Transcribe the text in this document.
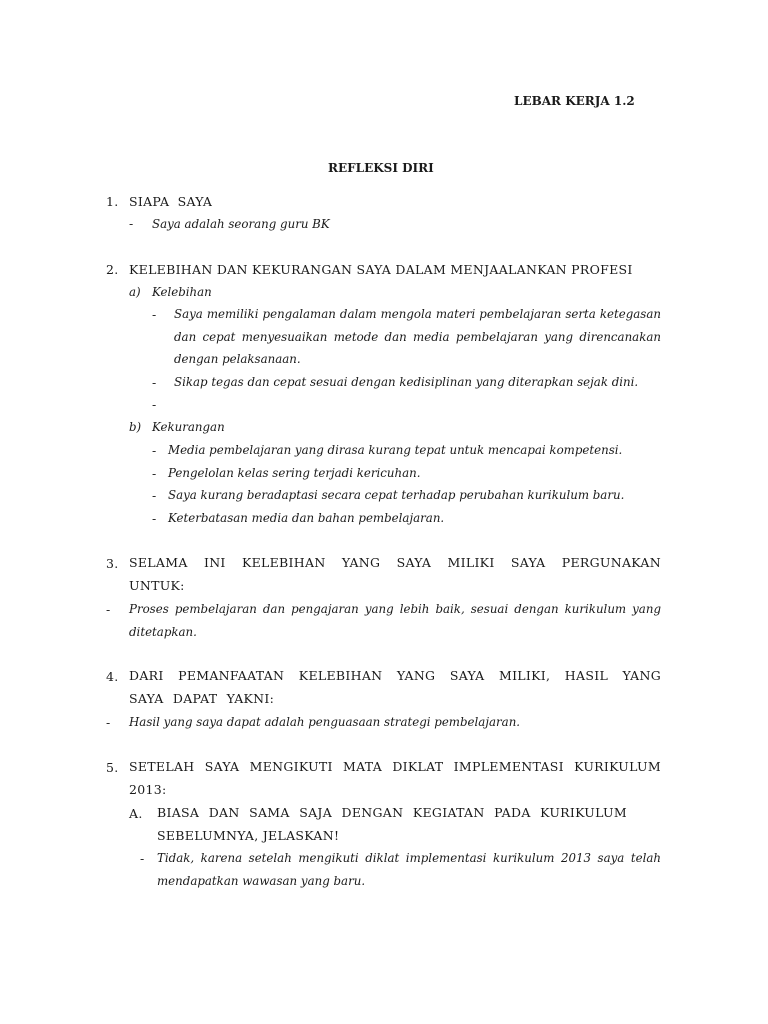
LEBAR KERJA 1.2
REFLEKSI DIRI
1. SIAPA SAYA
- Saya adalah seorang guru BK
2. KELEBIHAN DAN KEKURANGAN SAYA DALAM MENJAALANKAN PROFESI
a) Kelebihan
- Saya memiliki pengalaman dalam mengola materi pembelajaran serta ketegasan dan cepat menyesuaikan metode dan media pembelajaran yang direncanakan dengan pelaksanaan.
- Sikap tegas dan cepat sesuai dengan kedisiplinan yang diterapkan sejak dini.
-
b) Kekurangan
- Media pembelajaran yang dirasa kurang tepat untuk mencapai kompetensi.
- Pengelolan kelas sering terjadi kericuhan.
- Saya kurang beradaptasi secara cepat terhadap perubahan kurikulum baru.
- Keterbatasan media dan bahan pembelajaran.
3. SELAMA INI KELEBIHAN YANG SAYA MILIKI SAYA PERGUNAKAN UNTUK:
- Proses pembelajaran dan pengajaran yang lebih baik, sesuai dengan kurikulum yang ditetapkan.
4. DARI PEMANFAATAN KELEBIHAN YANG SAYA MILIKI, HASIL YANG SAYA DAPAT YAKNI:
- Hasil yang saya dapat adalah penguasaan strategi pembelajaran.
5. SETELAH SAYA MENGIKUTI MATA DIKLAT IMPLEMENTASI KURIKULUM 2013:
A. BIASA DAN SAMA SAJA DENGAN KEGIATAN PADA KURIKULUM SEBELUMNYA, JELASKAN!
- Tidak, karena setelah mengikuti diklat implementasi kurikulum 2013 saya telah mendapatkan wawasan yang baru.
